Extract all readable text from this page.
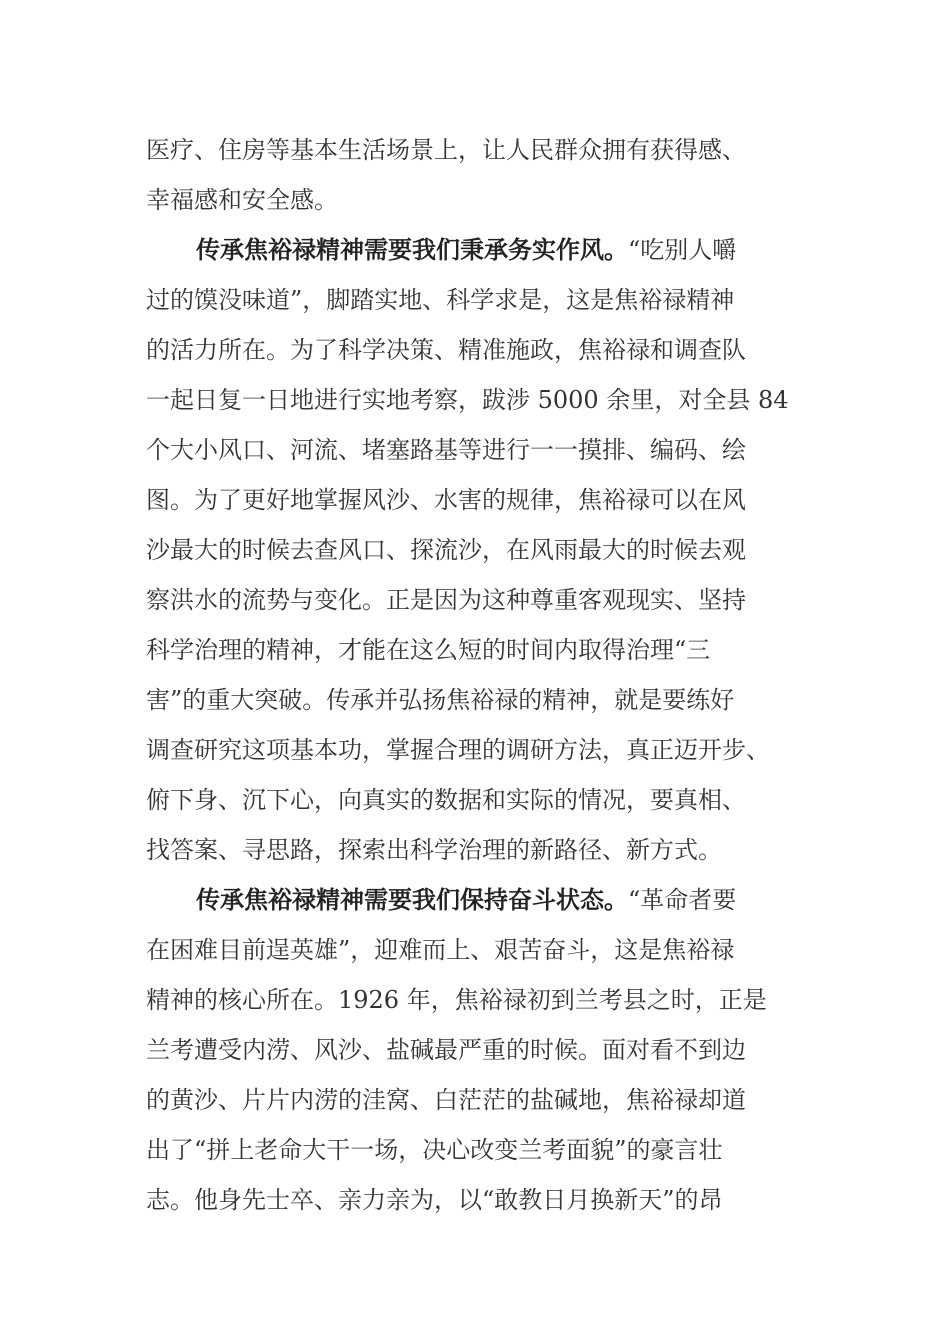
医疗、住房等基本生活场景上，让人民群众拥有获得感、
幸福感和安全感。
传承焦裕禄精神需要我们秉承务实作风。“吃别人嚼
过的馍没味道”，脚踏实地、科学求是，这是焦裕禄精神
的活力所在。为了科学决策、精准施政，焦裕禄和调查队
一起日复一日地进行实地考察，跋涉 5000 余里，对全县 84
个大小风口、河流、堵塞路基等进行一一摸排、编码、绘
图。为了更好地掌握风沙、水害的规律，焦裕禄可以在风
沙最大的时候去查风口、探流沙，在风雨最大的时候去观
察洪水的流势与变化。正是因为这种尊重客观现实、坚持
科学治理的精神，才能在这么短的时间内取得治理“三
害”的重大突破。传承并弘扬焦裕禄的精神，就是要练好
调查研究这项基本功，掌握合理的调研方法，真正迈开步、
俯下身、沉下心，向真实的数据和实际的情况，要真相、
找答案、寻思路，探索出科学治理的新路径、新方式。
传承焦裕禄精神需要我们保持奋斗状态。“革命者要
在困难目前逞英雄”，迎难而上、艰苦奋斗，这是焦裕禄
精神的核心所在。1926 年，焦裕禄初到兰考县之时，正是
兰考遭受内涝、风沙、盐碱最严重的时候。面对看不到边
的黄沙、片片内涝的洼窝、白茫茫的盐碱地，焦裕禄却道
出了“拼上老命大干一场，决心改变兰考面貌”的豪言壮
志。他身先士卒、亲力亲为，以“敢教日月换新天”的昂
